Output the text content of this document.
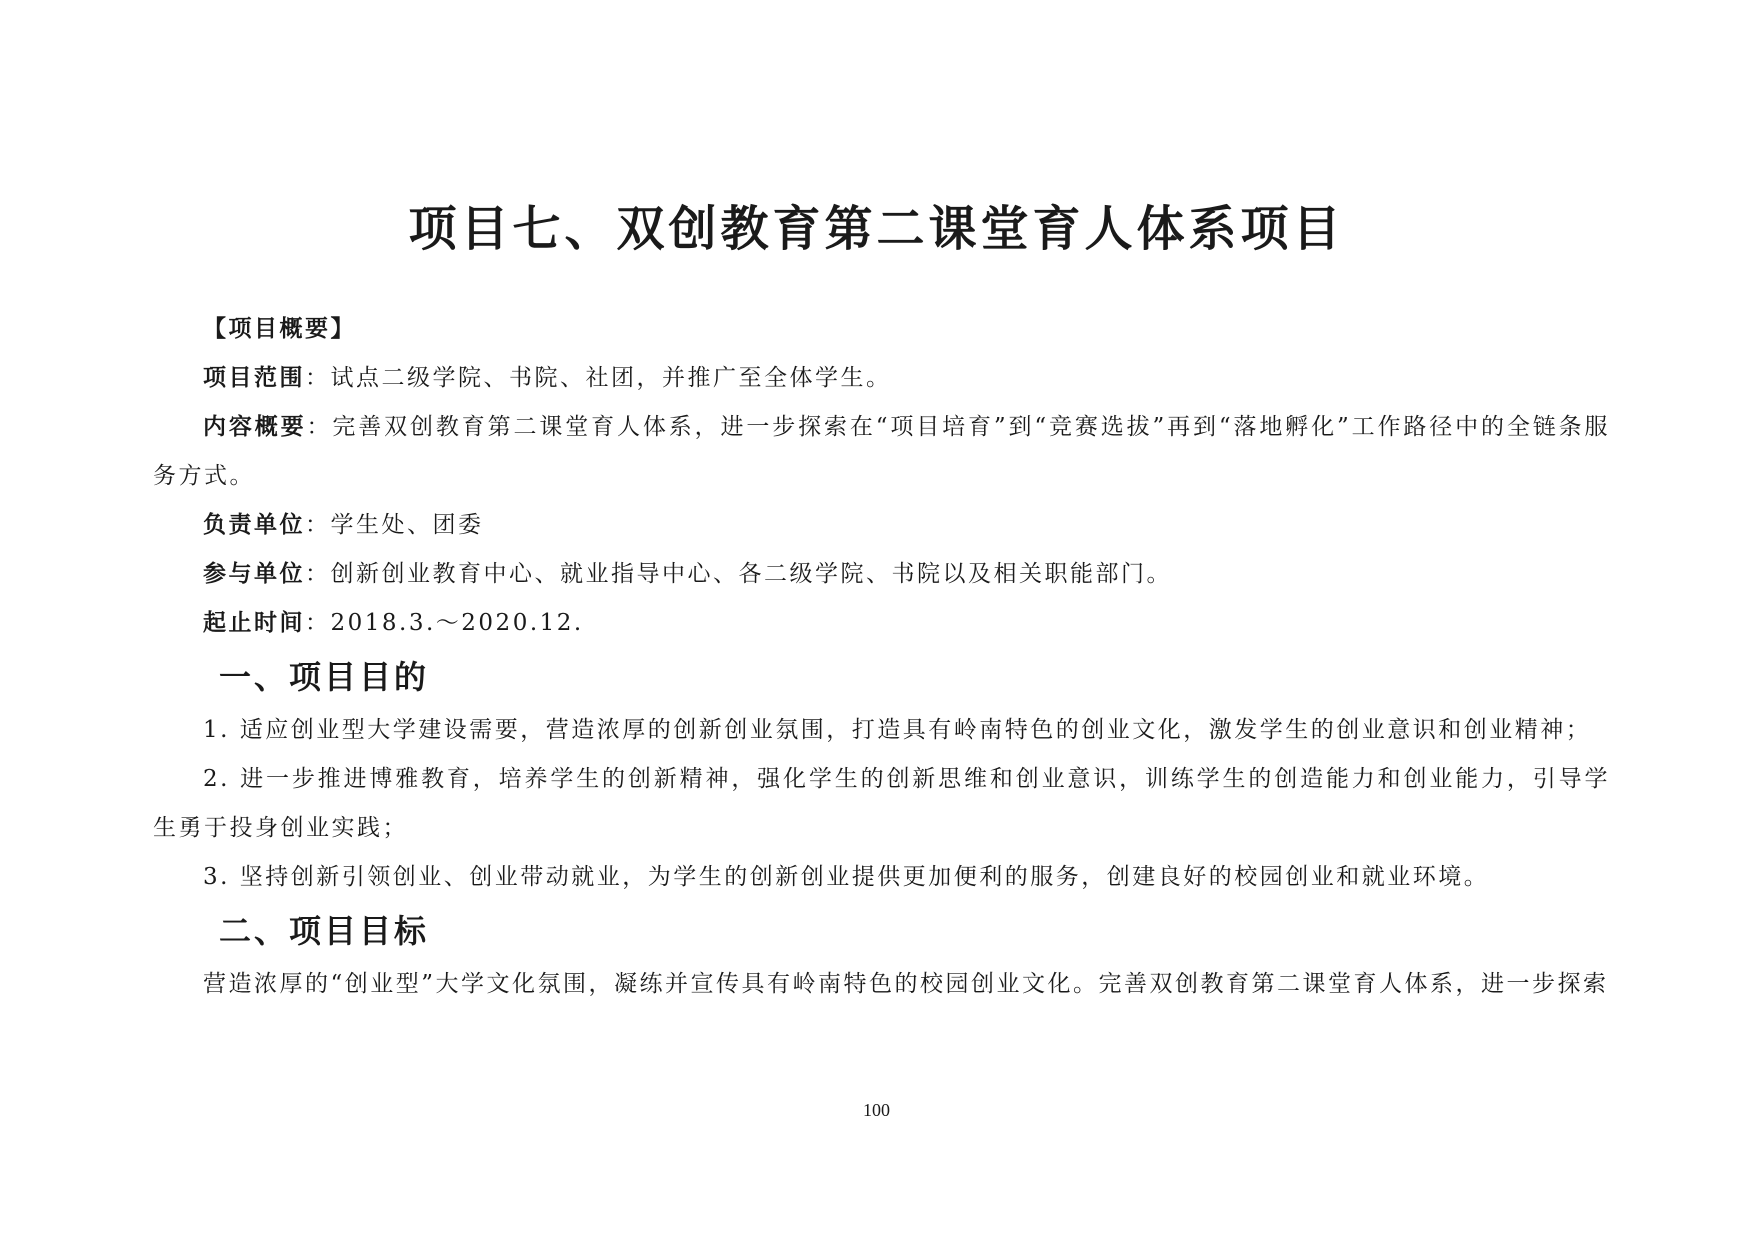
项目七、双创教育第二课堂育人体系项目

【项目概要】

项目范围：试点二级学院、书院、社团，并推广至全体学生。

内容概要：完善双创教育第二课堂育人体系，进一步探索在“项目培育”到“竞赛选拔”再到“落地孵化”工作路径中的全链条服务方式。

负责单位：学生处、团委

参与单位：创新创业教育中心、就业指导中心、各二级学院、书院以及相关职能部门。

起止时间：2018.3.～2020.12.

一、项目目的

1. 适应创业型大学建设需要，营造浓厚的创新创业氛围，打造具有岭南特色的创业文化，激发学生的创业意识和创业精神；

2. 进一步推进博雅教育，培养学生的创新精神，强化学生的创新思维和创业意识，训练学生的创造能力和创业能力，引导学生勇于投身创业实践；

3. 坚持创新引领创业、创业带动就业，为学生的创新创业提供更加便利的服务，创建良好的校园创业和就业环境。

二、项目目标

营造浓厚的“创业型”大学文化氛围，凝练并宣传具有岭南特色的校园创业文化。完善双创教育第二课堂育人体系，进一步探索

100
